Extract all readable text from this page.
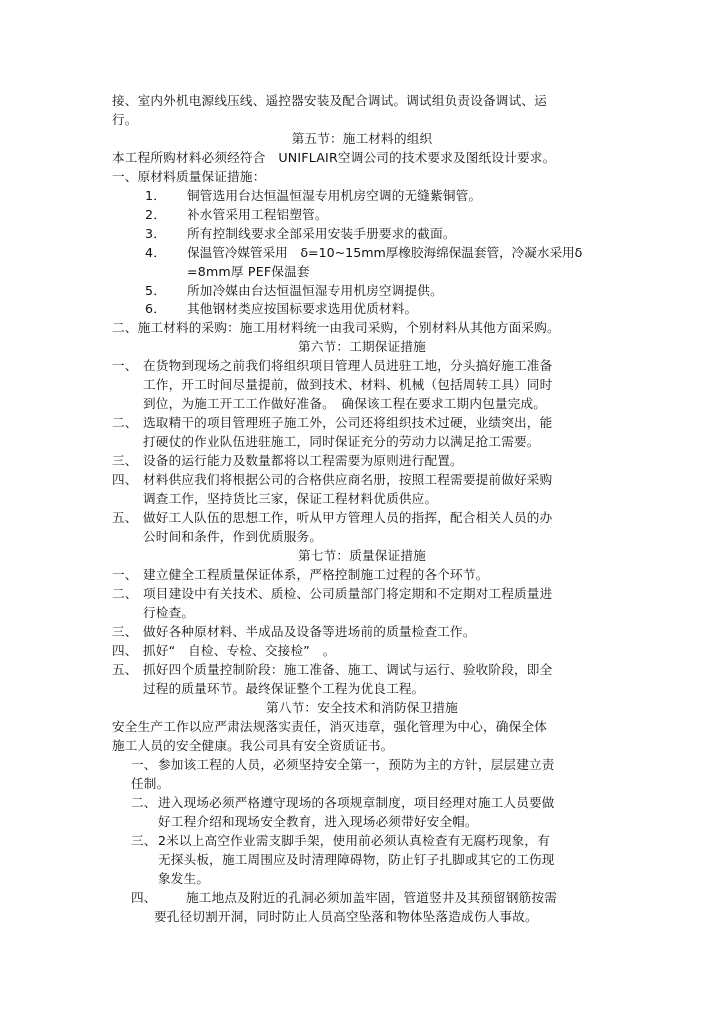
接、室内外机电源线压线、遥控器安装及配合调试。调试组负责设备调试、运
行。
第五节：施工材料的组织
本工程所购材料必须经符合　UNIFLAIR空调公司的技术要求及图纸设计要求。
一、原材料质量保证措施：
1． 铜管选用台达恒温恒湿专用机房空调的无缝紫铜管。
2． 补水管采用工程铝塑管。
3． 所有控制线要求全部采用安装手册要求的截面。
4． 保温管冷媒管采用　δ=10~15mm厚橡胶海绵保温套管，冷凝水采用δ
=8mm厚 PEF保温套
5． 所加冷媒由台达恒温恒湿专用机房空调提供。
6． 其他钢材类应按国标要求选用优质材料。
二、施工材料的采购：施工用材料统一由我司采购，个别材料从其他方面采购。
第六节：工期保证措施
一、 在货物到现场之前我们将组织项目管理人员进驻工地，分头搞好施工准备
工作，开工时间尽量提前，做到技术、材料、机械（包括周转工具）同时
到位，为施工开工工作做好准备。　确保该工程在要求工期内包量完成。
二、 选取精干的项目管理班子施工外，公司还将组织技术过硬，业绩突出，能
打硬仗的作业队伍进驻施工，同时保证充分的劳动力以满足抢工需要。
三、 设备的运行能力及数量都将以工程需要为原则进行配置。
四、 材料供应我们将根据公司的合格供应商名册，按照工程需要提前做好采购
调查工作，坚持货比三家，保证工程材料优质供应。
五、 做好工人队伍的思想工作，听从甲方管理人员的指挥，配合相关人员的办
公时间和条件，作到优质服务。
第七节：质量保证措施
一、 建立健全工程质量保证体系，严格控制施工过程的各个环节。
二、 项目建设中有关技术、质检、公司质量部门将定期和不定期对工程质量进
行检查。
三、 做好各种原材料、半成品及设备等进场前的质量检查工作。
四、 抓好“　自检、专检、交接检”　。
五、 抓好四个质量控制阶段：施工准备、施工、调试与运行、验收阶段，即全
过程的质量环节。最终保证整个工程为优良工程。
第八节：安全技术和消防保卫措施
安全生产工作以应严肃法规落实责任，消灭违章，强化管理为中心，确保全体
施工人员的安全健康。我公司具有安全资质证书。
一、 参加该工程的人员，必须坚持安全第一，预防为主的方针，层层建立责
任制。
二、 进入现场必须严格遵守现场的各项规章制度，项目经理对施工人员要做
好工程介绍和现场安全教育，进入现场必须带好安全帽。
三、 2米以上高空作业需支脚手架，使用前必须认真检查有无腐朽现象，有
无探头板，施工周围应及时清理障碍物，防止钉子扎脚或其它的工伤现
象发生。
四、 施工地点及附近的孔洞必须加盖牢固，管道竖井及其预留钢筋按需
要孔径切割开洞，同时防止人员高空坠落和物体坠落造成伤人事故。
